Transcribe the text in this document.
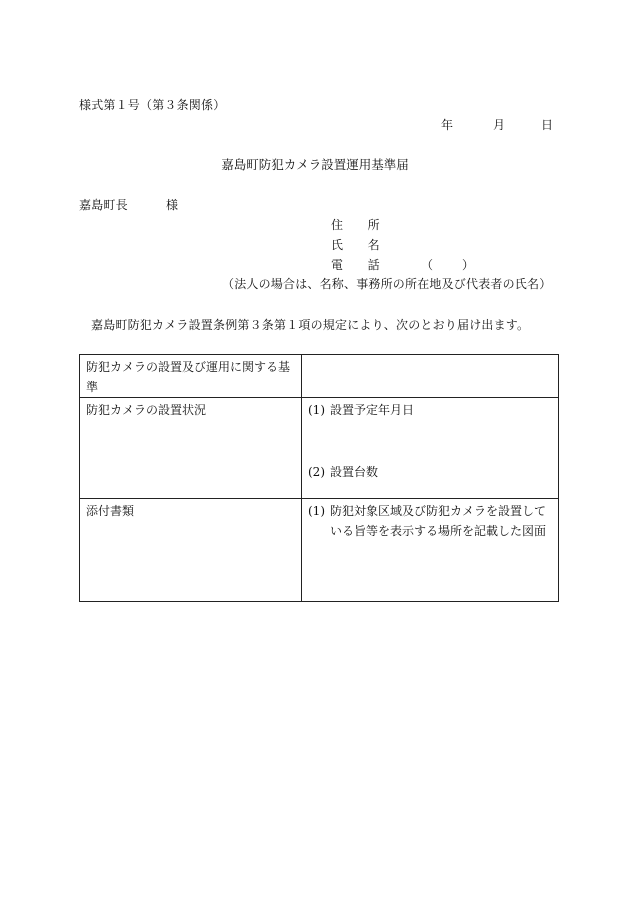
様式第１号（第３条関係）
年	月	日
嘉島町防犯カメラ設置運用基準届
嘉島町長	様
住　　所
氏　　名
電　　話	（ ）
（法人の場合は、名称、事務所の所在地及び代表者の氏名）
嘉島町防犯カメラ設置条例第３条第１項の規定により、次のとおり届け出ます。
防犯カメラの設置及び運用に関する基準	
防犯カメラの設置状況	(1) 設置予定年月日
(2) 設置台数

添付書類	(1) 防犯対象区域及び防犯カメラを設置している旨等を表示する場所を記載した図面
